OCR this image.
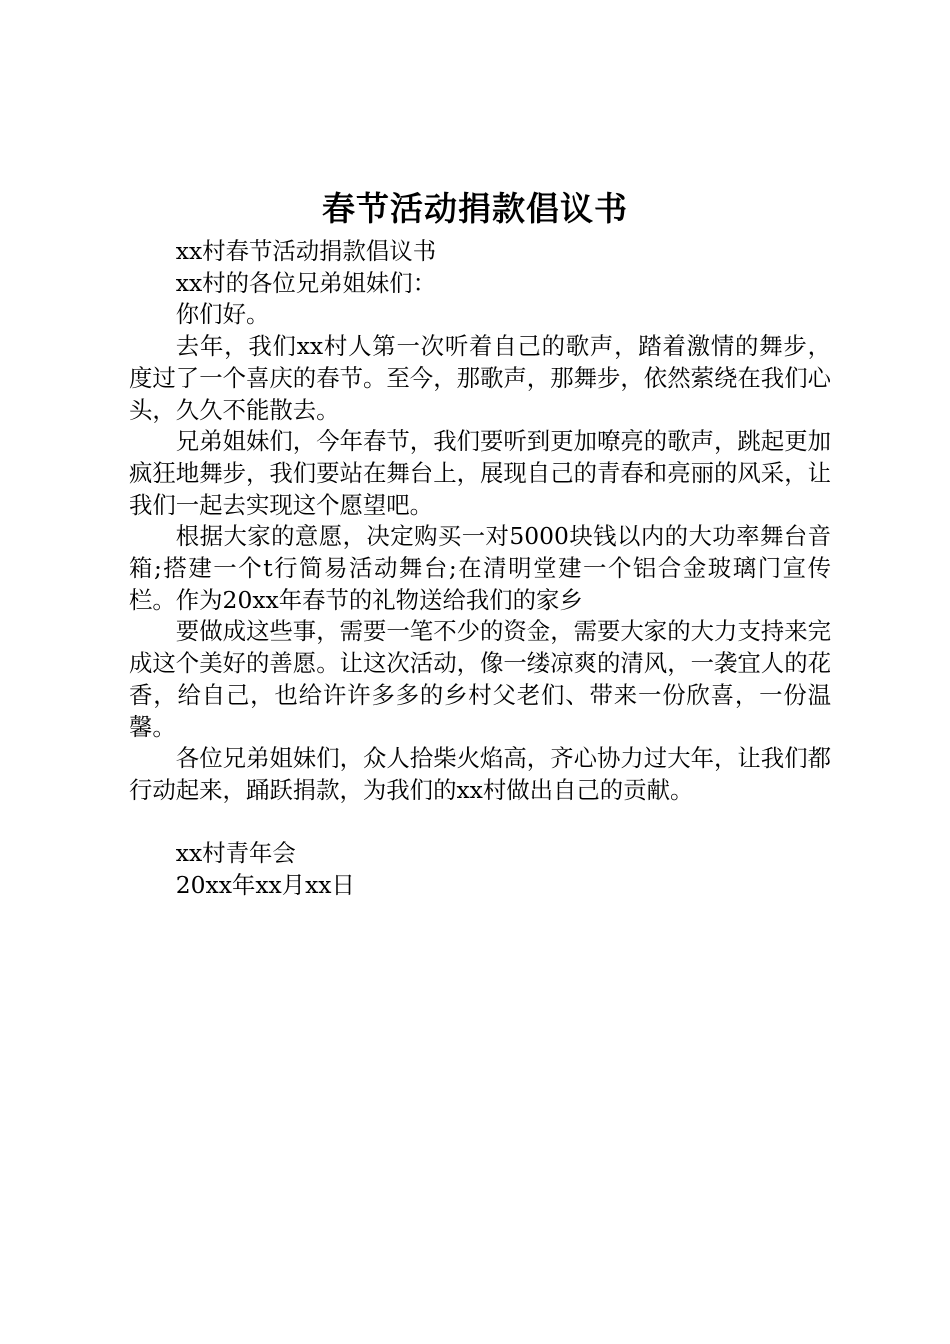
春节活动捐款倡议书

xx村春节活动捐款倡议书

xx村的各位兄弟姐妹们：

你们好。

去年，我们xx村人第一次听着自己的歌声，踏着激情的舞步，度过了一个喜庆的春节。至今，那歌声，那舞步，依然萦绕在我们心头，久久不能散去。

兄弟姐妹们，今年春节，我们要听到更加嘹亮的歌声，跳起更加疯狂地舞步，我们要站在舞台上，展现自己的青春和亮丽的风采，让我们一起去实现这个愿望吧。

根据大家的意愿，决定购买一对5000块钱以内的大功率舞台音箱;搭建一个t行简易活动舞台;在清明堂建一个铝合金玻璃门宣传栏。作为20xx年春节的礼物送给我们的家乡

要做成这些事，需要一笔不少的资金，需要大家的大力支持来完成这个美好的善愿。让这次活动，像一缕凉爽的清风，一袭宜人的花香，给自己，也给许许多多的乡村父老们、带来一份欣喜，一份温馨。

各位兄弟姐妹们，众人拾柴火焰高，齐心协力过大年，让我们都行动起来，踊跃捐款，为我们的xx村做出自己的贡献。

xx村青年会

20xx年xx月xx日
